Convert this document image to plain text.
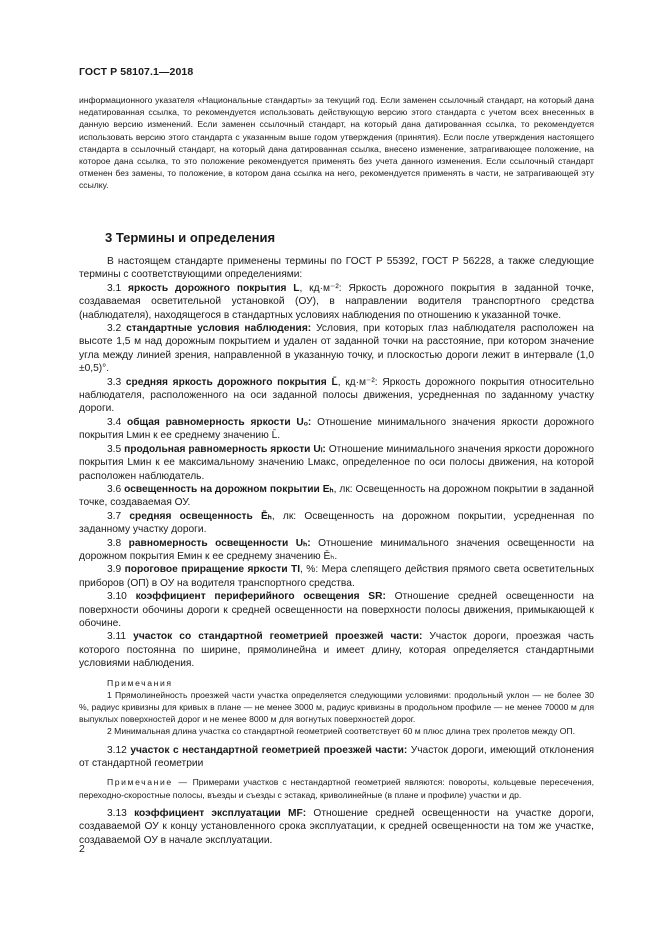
ГОСТ Р 58107.1—2018

информационного указателя «Национальные стандарты» за текущий год. Если заменен ссылочный стандарт, на который дана недатированная ссылка, то рекомендуется использовать действующую версию этого стандарта с учетом всех внесенных в данную версию изменений. Если заменен ссылочный стандарт, на который дана датированная ссылка, то рекомендуется использовать версию этого стандарта с указанным выше годом утверждения (принятия). Если после утверждения настоящего стандарта в ссылочный стандарт, на который дана датированная ссылка, внесено изменение, затрагивающее положение, на которое дана ссылка, то это положение рекомендуется применять без учета данного изменения. Если ссылочный стандарт отменен без замены, то положение, в котором дана ссылка на него, рекомендуется применять в части, не затрагивающей эту ссылку.

3 Термины и определения

В настоящем стандарте применены термины по ГОСТ Р 55392, ГОСТ Р 56228, а также следующие термины с соответствующими определениями:

3.1 яркость дорожного покрытия L, кд·м⁻²: Яркость дорожного покрытия в заданной точке, создаваемая осветительной установкой (ОУ), в направлении водителя транспортного средства (наблюдателя), находящегося в стандартных условиях наблюдения по отношению к указанной точке.

3.2 стандартные условия наблюдения: Условия, при которых глаз наблюдателя расположен на высоте 1,5 м над дорожным покрытием и удален от заданной точки на расстояние, при котором значение угла между линией зрения, направленной в указанную точку, и плоскостью дороги лежит в интервале (1,0 ±0,5)°.

3.3 средняя яркость дорожного покрытия L̄, кд·м⁻²: Яркость дорожного покрытия относительно наблюдателя, расположенного на оси заданной полосы движения, усредненная по заданному участку дороги.

3.4 общая равномерность яркости Uₒ: Отношение минимального значения яркости дорожного покрытия Lмин к ее среднему значению L̄.

3.5 продольная равномерность яркости Uₗ: Отношение минимального значения яркости дорожного покрытия Lмин к ее максимальному значению Lмакс, определенное по оси полосы движения, на которой расположен наблюдатель.

3.6 освещенность на дорожном покрытии Eₕ, лк: Освещенность на дорожном покрытии в заданной точке, создаваемая ОУ.

3.7 средняя освещенность Ēₕ, лк: Освещенность на дорожном покрытии, усредненная по заданному участку дороги.

3.8 равномерность освещенности Uₕ: Отношение минимального значения освещенности на дорожном покрытия Eмин к ее среднему значению Ēₕ.

3.9 пороговое приращение яркости TI, %: Мера слепящего действия прямого света осветительных приборов (ОП) в ОУ на водителя транспортного средства.

3.10 коэффициент периферийного освещения SR: Отношение средней освещенности на поверхности обочины дороги к средней освещенности на поверхности полосы движения, примыкающей к обочине.

3.11 участок со стандартной геометрией проезжей части: Участок дороги, проезжая часть которого постоянна по ширине, прямолинейна и имеет длину, которая определяется стандартными условиями наблюдения.

Примечания

1 Прямолинейность проезжей части участка определяется следующими условиями: продольный уклон — не более 30 %, радиус кривизны для кривых в плане — не менее 3000 м, радиус кривизны в продольном профиле — не менее 70000 м для выпуклых поверхностей дорог и не менее 8000 м для вогнутых поверхностей дорог.

2 Минимальная длина участка со стандартной геометрией соответствует 60 м плюс длина трех пролетов между ОП.

3.12 участок с нестандартной геометрией проезжей части: Участок дороги, имеющий отклонения от стандартной геометрии

Примечание — Примерами участков с нестандартной геометрией являются: повороты, кольцевые пересечения, переходно-скоростные полосы, въезды и съезды с эстакад, криволинейные (в плане и профиле) участки и др.

3.13 коэффициент эксплуатации MF: Отношение средней освещенности на участке дороги, создаваемой ОУ к концу установленного срока эксплуатации, к средней освещенности на том же участке, создаваемой ОУ в начале эксплуатации.

2
